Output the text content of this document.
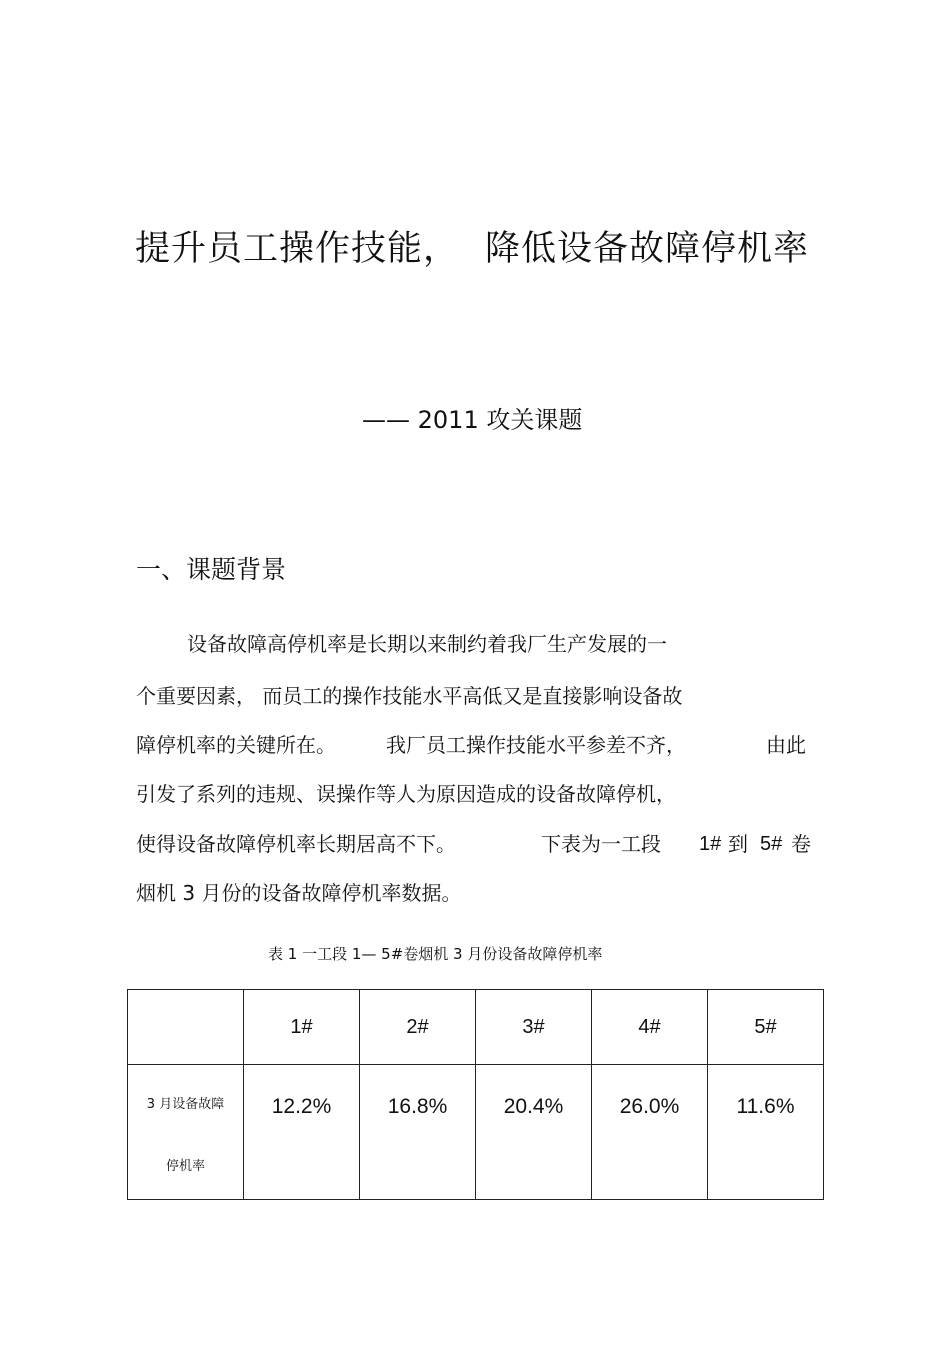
提升员工操作技能， 降低设备故障停机率
—— 2011 攻关课题
一、课题背景
设备故障高停机率是长期以来制约着我厂生产发展的一
个重要因素， 而员工的操作技能水平高低又是直接影响设备故
障停机率的关键所在。	我厂员工操作技能水平参差不齐，	由此
引发了系列的违规、误操作等人为原因造成的设备故障停机，
使得设备故障停机率长期居高不下。	下表为一工段 1# 到 5# 卷
烟机 3 月份的设备故障停机率数据。
表 1 一工段 1— 5#卷烟机 3 月份设备故障停机率
	1#	2#	3#	4#	5#

3 月设备故障
停机率	12.2%	16.8%	20.4%	26.0%	11.6%
